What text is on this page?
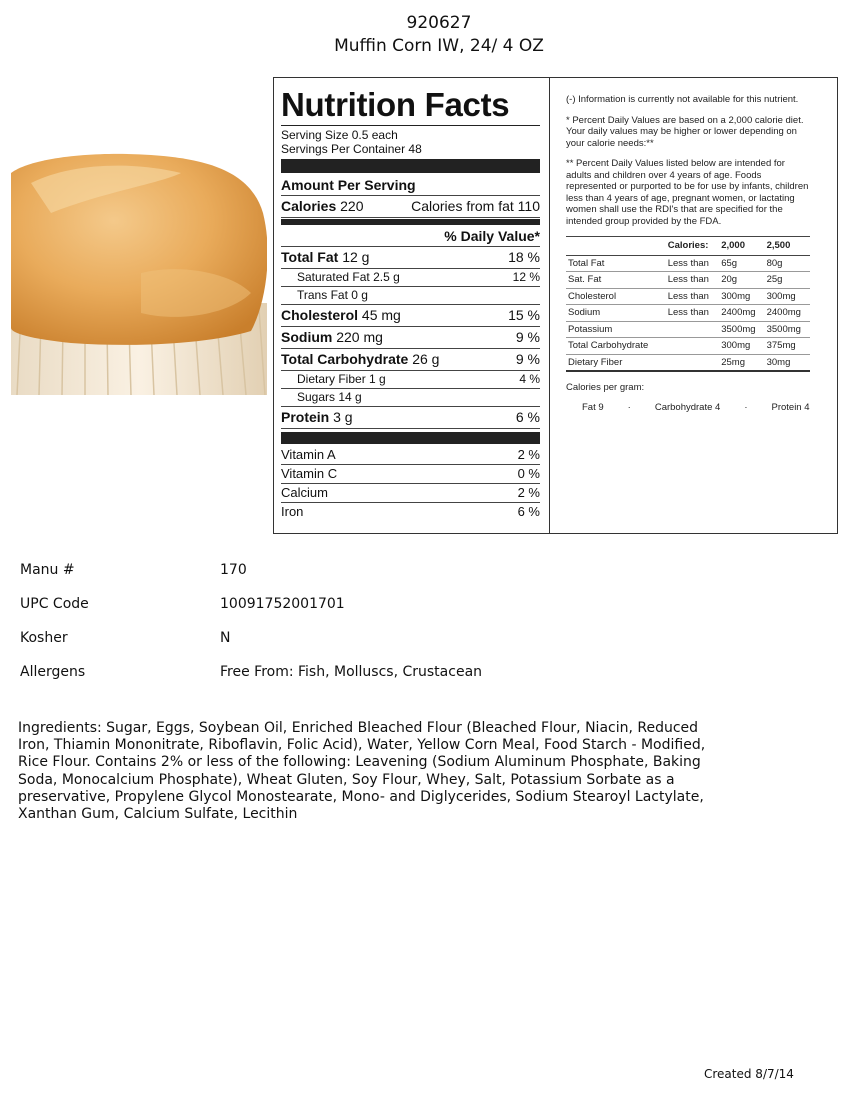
920627
Muffin Corn IW, 24/ 4 OZ
Nutrition Facts
Serving Size 0.5 each
Servings Per Container 48
Amount Per Serving
Calories 220	Calories from fat 110
% Daily Value*
Total Fat 12 g	18 %
Saturated Fat 2.5 g	12 %
Trans Fat 0 g
Cholesterol 45 mg	15 %
Sodium 220 mg	9 %
Total Carbohydrate 26 g	9 %
Dietary Fiber 1 g	4 %
Sugars 14 g
Protein 3 g	6 %
Vitamin A	2 %
Vitamin C	0 %
Calcium	2 %
Iron	6 %

(-) Information is currently not available for this nutrient.

* Percent Daily Values are based on a 2,000 calorie diet. Your daily values may be higher or lower depending on your calorie needs:**

** Percent Daily Values listed below are intended for adults and children over 4 years of age. Foods represented or purported to be for use by infants, children less than 4 years of age, pregnant women, or lactating women shall use the RDI's that are specified for the intended group provided by the FDA.

	Calories:	2,000	2,500
Total Fat	Less than	65g	80g
Sat. Fat	Less than	20g	25g
Cholesterol	Less than	300mg	300mg
Sodium	Less than	2400mg	2400mg
Potassium		3500mg	3500mg
Total Carbohydrate		300mg	375mg
Dietary Fiber		25mg	30mg
Calories per gram:
Fat 9	·	Carbohydrate 4	·	Protein 4
Manu #	170
UPC Code	10091752001701
Kosher	N
Allergens	Free From: Fish, Molluscs, Crustacean
Ingredients: Sugar, Eggs, Soybean Oil, Enriched Bleached Flour (Bleached Flour, Niacin, Reduced Iron, Thiamin Mononitrate, Riboflavin, Folic Acid), Water, Yellow Corn Meal, Food Starch - Modified, Rice Flour. Contains 2% or less of the following: Leavening (Sodium Aluminum Phosphate, Baking Soda, Monocalcium Phosphate), Wheat Gluten, Soy Flour, Whey, Salt, Potassium Sorbate as a preservative, Propylene Glycol Monostearate, Mono- and Diglycerides, Sodium Stearoyl Lactylate, Xanthan Gum, Calcium Sulfate, Lecithin
Created 8/7/14
